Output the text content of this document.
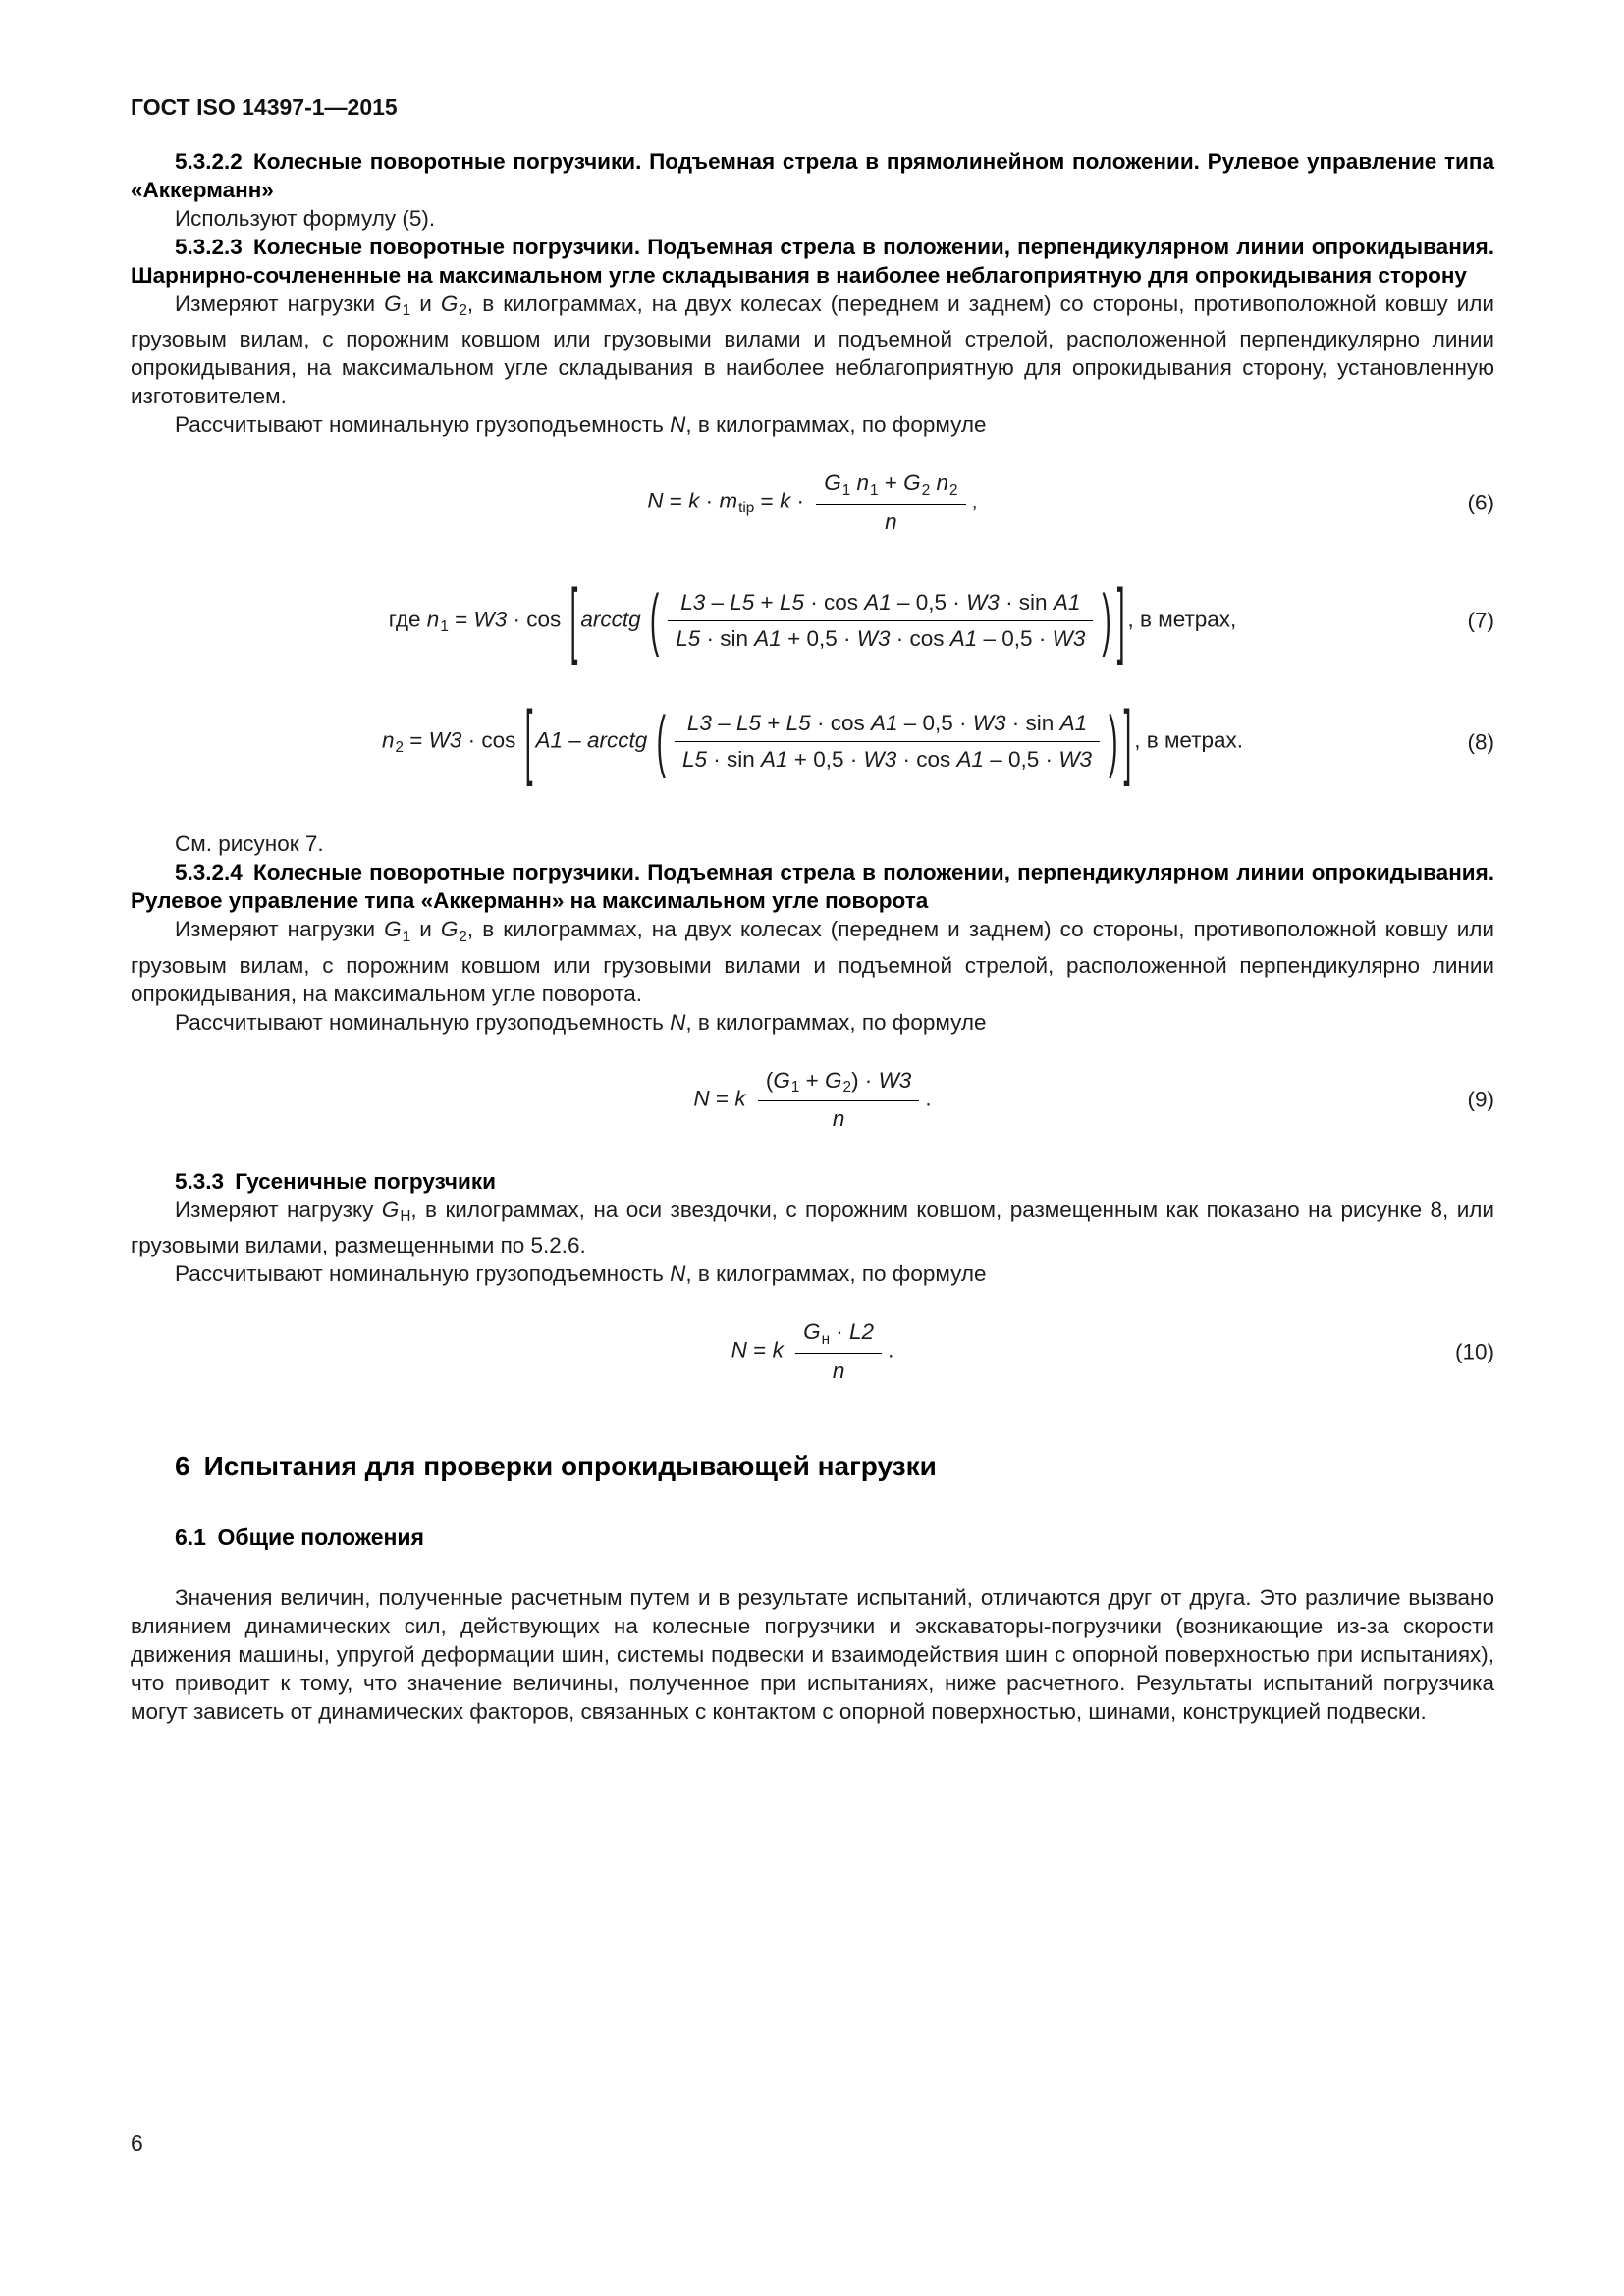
ГОСТ ISO 14397-1—2015

5.3.2.2 Колесные поворотные погрузчики. Подъемная стрела в прямолинейном положении. Рулевое управление типа «Аккерманн»

Используют формулу (5).

5.3.2.3 Колесные поворотные погрузчики. Подъемная стрела в положении, перпендикулярном линии опрокидывания. Шарнирно-сочлененные на максимальном угле складывания в наиболее неблагоприятную для опрокидывания сторону

Измеряют нагрузки G1 и G2, в килограммах, на двух колесах (переднем и заднем) со стороны, противоположной ковшу или грузовым вилам, с порожним ковшом или грузовыми вилами и подъемной стрелой, расположенной перпендикулярно линии опрокидывания, на максимальном угле складывания в наиболее неблагоприятную для опрокидывания сторону, установленную изготовителем.

Рассчитывают номинальную грузоподъемность N, в килограммах, по формуле

N = k · mtip = $k \cdot \frac{G1 n1 + G2 n2}{n}$ ,	(6)
где n1 = W3 · cos [ arcctg ( $\frac{\text{L3 – L5 + L5 · cos A1 – 0,5 · W3 · sin A1}}{\text{L5 · sin A1 + 0,5 · W3 · cos A1 – 0,5 · W3}}$ ) ] , в метрах,	(7)
n2 = W3 · cos [ A1 – arcctg ( $\frac{\text{L3 – L5 + L5 · cos A1 – 0,5 · W3 · sin A1}}{\text{L5 · sin A1 + 0,5 · W3 · cos A1 – 0,5 · W3}}$ ) ] , в метрах.	(8)

См. рисунок 7.

5.3.2.4 Колесные поворотные погрузчики. Подъемная стрела в положении, перпендикулярном линии опрокидывания. Рулевое управление типа «Аккерманн» на максимальном угле поворота

Измеряют нагрузки G1 и G2, в килограммах, на двух колесах (переднем и заднем) со стороны, противоположной ковшу или грузовым вилам, с порожним ковшом или грузовыми вилами и подъемной стрелой, расположенной перпендикулярно линии опрокидывания, на максимальном угле поворота.

Рассчитывают номинальную грузоподъемность N, в килограммах, по формуле

N = k $\frac{(G1 + G2) \cdot W3}{n}$ .	(9)

5.3.3 Гусеничные погрузчики

Измеряют нагрузку GН, в килограммах, на оси звездочки, с порожним ковшом, размещенным как показано на рисунке 8, или грузовыми вилами, размещенными по 5.2.6.

Рассчитывают номинальную грузоподъемность N, в килограммах, по формуле

N = k $\frac{Gн \cdot L2}{n}$ .	(10)
6 Испытания для проверки опрокидывающей нагрузки
6.1 Общие положения

Значения величин, полученные расчетным путем и в результате испытаний, отличаются друг от друга. Это различие вызвано влиянием динамических сил, действующих на колесные погрузчики и экскаваторы-погрузчики (возникающие из-за скорости движения машины, упругой деформации шин, системы подвески и взаимодействия шин с опорной поверхностью при испытаниях), что приводит к тому, что значение величины, полученное при испытаниях, ниже расчетного. Результаты испытаний погрузчика могут зависеть от динамических факторов, связанных с контактом с опорной поверхностью, шинами, конструкцией подвески.

6
